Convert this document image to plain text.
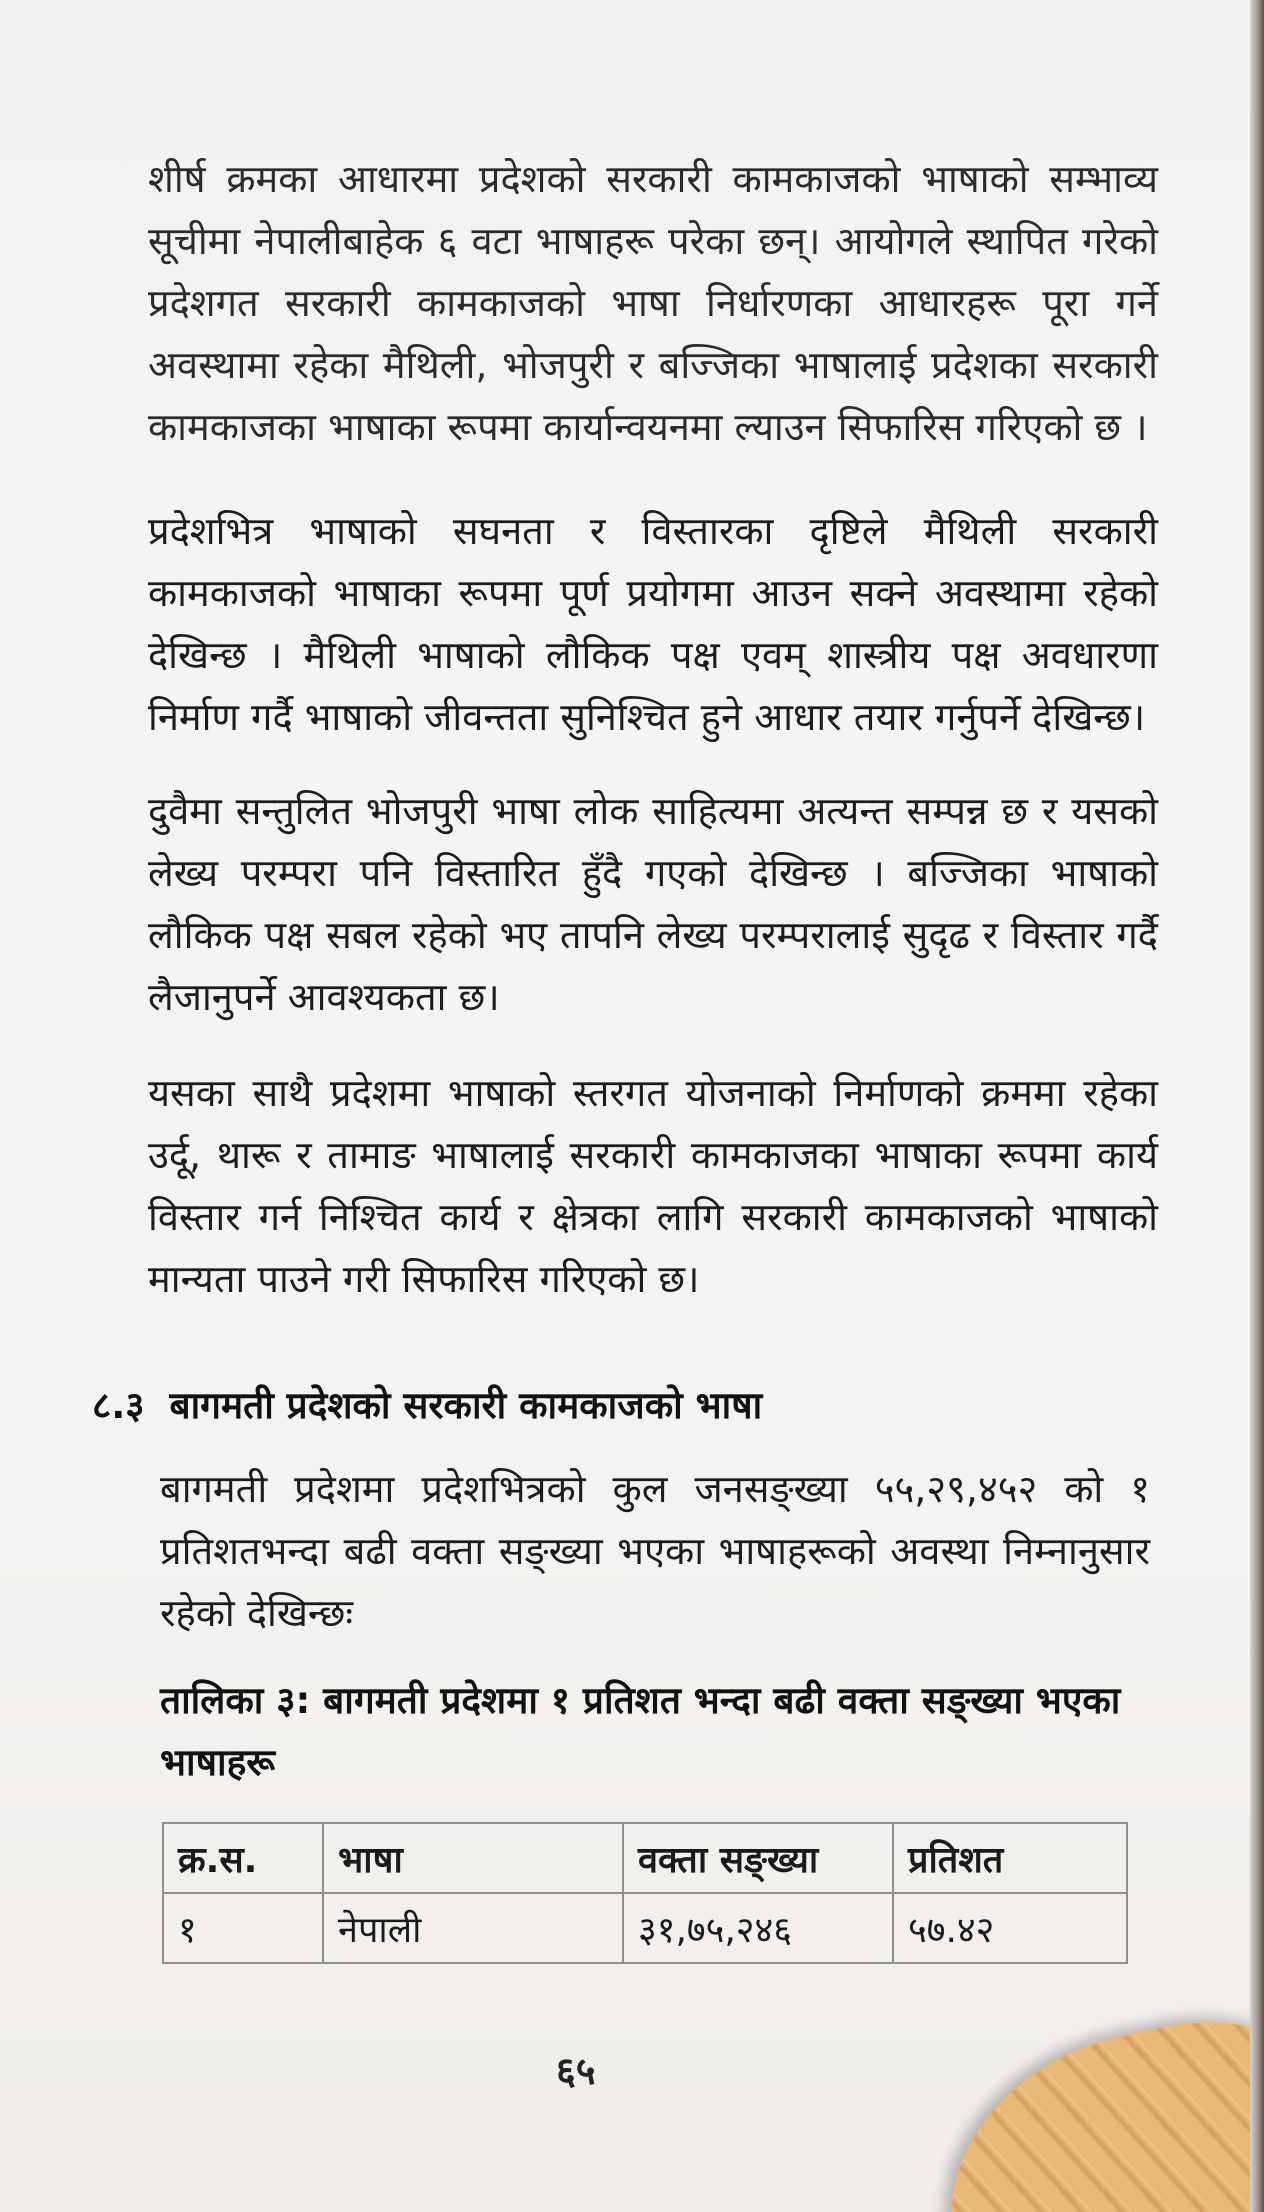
शीर्ष क्रमका आधारमा प्रदेशको सरकारी कामकाजको भाषाको सम्भाव्य सूचीमा नेपालीबाहेक ६ वटा भाषाहरू परेका छन्। आयोगले स्थापित गरेको प्रदेशगत सरकारी कामकाजको भाषा निर्धारणका आधारहरू पूरा गर्ने अवस्थामा रहेका मैथिली, भोजपुरी र बज्जिका भाषालाई प्रदेशका सरकारी कामकाजका भाषाका रूपमा कार्यान्वयनमा ल्याउन सिफारिस गरिएको छ ।

प्रदेशभित्र भाषाको सघनता र विस्तारका दृष्टिले मैथिली सरकारी कामकाजको भाषाका रूपमा पूर्ण प्रयोगमा आउन सक्ने अवस्थामा रहेको देखिन्छ । मैथिली भाषाको लौकिक पक्ष एवम् शास्त्रीय पक्ष अवधारणा निर्माण गर्दै भाषाको जीवन्तता सुनिश्चित हुने आधार तयार गर्नुपर्ने देखिन्छ।

दुवैमा सन्तुलित भोजपुरी भाषा लोक साहित्यमा अत्यन्त सम्पन्न छ र यसको लेख्य परम्परा पनि विस्तारित हुँदै गएको देखिन्छ । बज्जिका भाषाको लौकिक पक्ष सबल रहेको भए तापनि लेख्य परम्परालाई सुदृढ र विस्तार गर्दै लैजानुपर्ने आवश्यकता छ।

यसका साथै प्रदेशमा भाषाको स्तरगत योजनाको निर्माणको क्रममा रहेका उर्दू, थारू र तामाङ भाषालाई सरकारी कामकाजका भाषाका रूपमा कार्य विस्तार गर्न निश्चित कार्य र क्षेत्रका लागि सरकारी कामकाजको भाषाको मान्यता पाउने गरी सिफारिस गरिएको छ।

८.३ बागमती प्रदेशको सरकारी कामकाजको भाषा

बागमती प्रदेशमा प्रदेशभित्रको कुल जनसङ्ख्या ५५,२९,४५२ को १ प्रतिशतभन्दा बढी वक्ता सङ्ख्या भएका भाषाहरूको अवस्था निम्नानुसार रहेको देखिन्छः

तालिका ३: बागमती प्रदेशमा १ प्रतिशत भन्दा बढी वक्ता सङ्ख्या भएका भाषाहरू

क्र.स.	भाषा	वक्ता सङ्ख्या	प्रतिशत
१	नेपाली	३१,७५,२४६	५७.४२

६५
